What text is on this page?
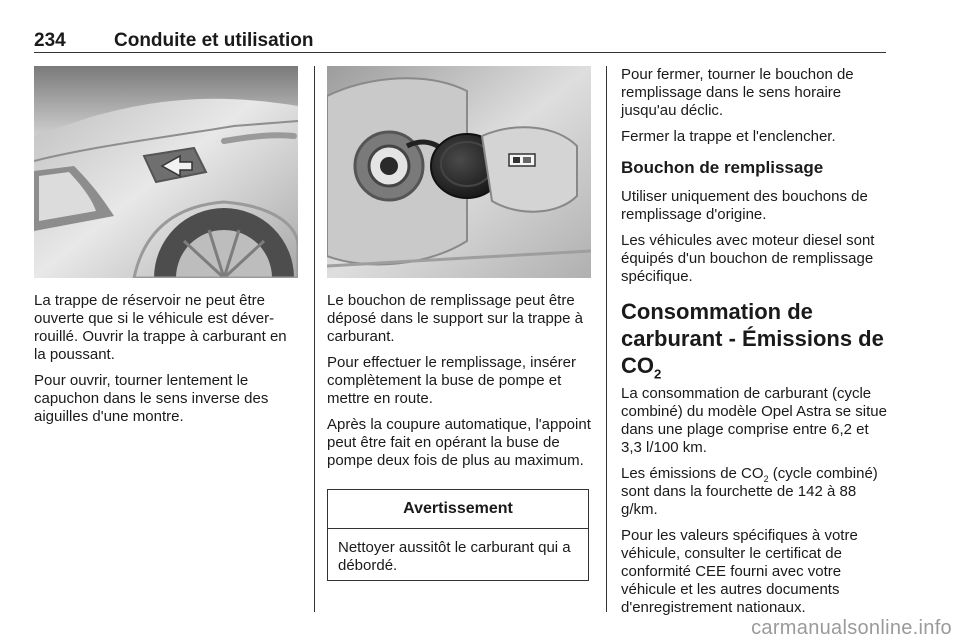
234	Conduite et utilisation

La trappe de réservoir ne peut être ouverte que si le véhicule est déverrouillé. Ouvrir la trappe à carburant en la poussant.

Pour ouvrir, tourner lentement le capuchon dans le sens inverse des aiguilles d'une montre.

Le bouchon de remplissage peut être déposé dans le support sur la trappe à carburant.

Pour effectuer le remplissage, insérer complètement la buse de pompe et mettre en route.

Après la coupure automatique, l'appoint peut être fait en opérant la buse de pompe deux fois de plus au maximum.

Avertissement
Nettoyer aussitôt le carburant qui a débordé.

Pour fermer, tourner le bouchon de remplissage dans le sens horaire jusqu'au déclic.

Fermer la trappe et l'enclencher.

Bouchon de remplissage

Utiliser uniquement des bouchons de remplissage d'origine.

Les véhicules avec moteur diesel sont équipés d'un bouchon de remplissage spécifique.

Consommation de carburant - Émissions de $CO_2$

La consommation de carburant (cycle combiné) du modèle Opel Astra se situe dans une plage comprise entre 6,2 et 3,3 l/100 km.

Les émissions de $CO_2$ (cycle combiné) sont dans la fourchette de 142 à 88 g/km.

Pour les valeurs spécifiques à votre véhicule, consulter le certificat de conformité CEE fourni avec votre véhicule et les autres documents d'enregistrement nationaux.

carmanualsonline.info
